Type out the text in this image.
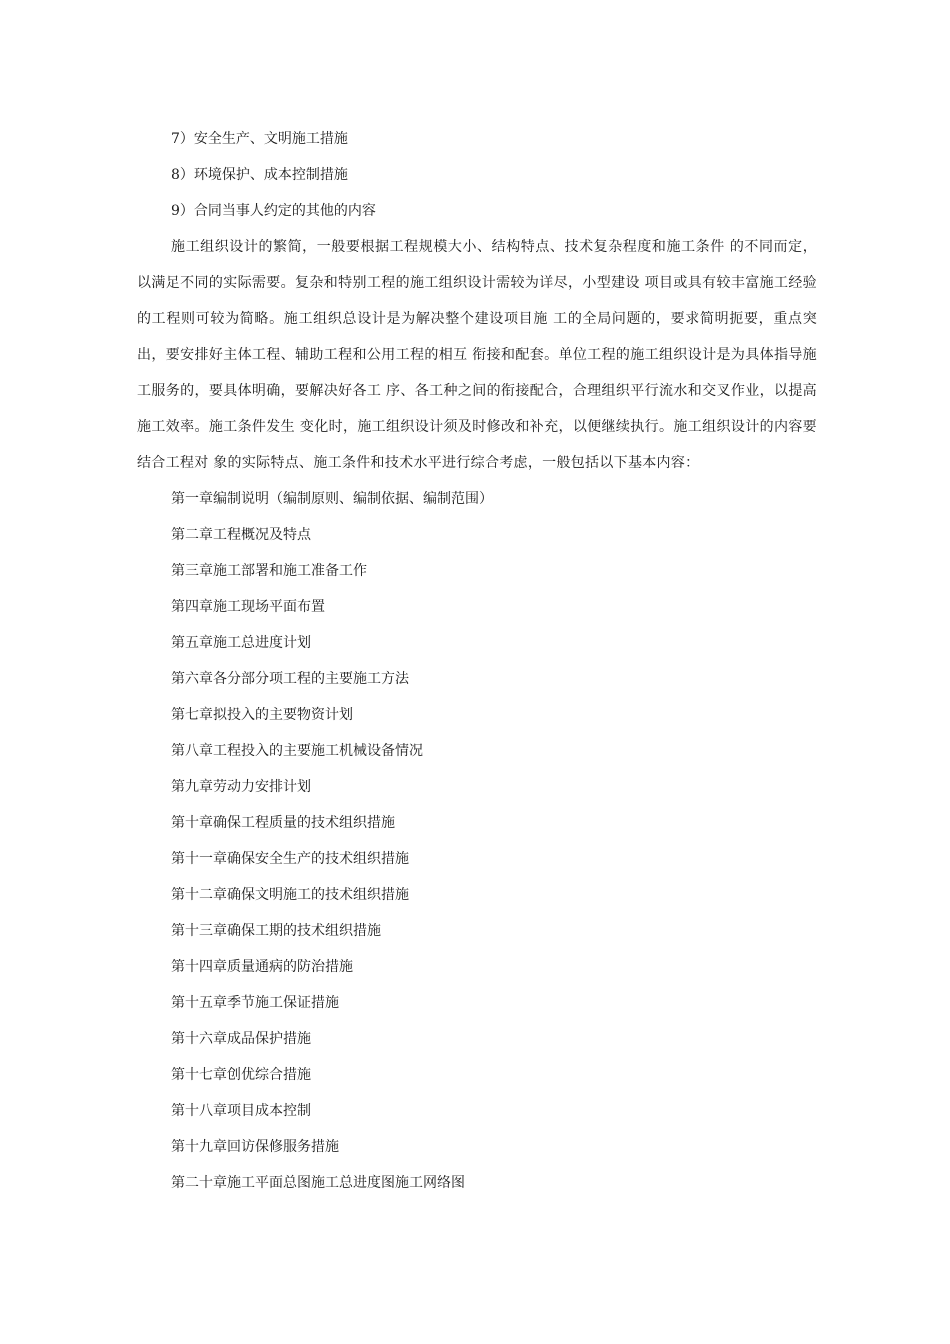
7）安全生产、文明施工措施

8）环境保护、成本控制措施

9）合同当事人约定的其他的内容

施工组织设计的繁简，一般要根据工程规模大小、结构特点、技术复杂程度和施工条件 的不同而定，以满足不同的实际需要。复杂和特别工程的施工组织设计需较为详尽，小型建设 项目或具有较丰富施工经验的工程则可较为简略。施工组织总设计是为解决整个建设项目施 工的全局问题的，要求简明扼要，重点突出，要安排好主体工程、辅助工程和公用工程的相互 衔接和配套。单位工程的施工组织设计是为具体指导施工服务的，要具体明确，要解决好各工 序、各工种之间的衔接配合，合理组织平行流水和交叉作业，以提高施工效率。施工条件发生 变化时，施工组织设计须及时修改和补充，以便继续执行。施工组织设计的内容要结合工程对 象的实际特点、施工条件和技术水平进行综合考虑，一般包括以下基本内容：

第一章编制说明（编制原则、编制依据、编制范围）
第二章工程概况及特点
第三章施工部署和施工准备工作
第四章施工现场平面布置
第五章施工总进度计划
第六章各分部分项工程的主要施工方法
第七章拟投入的主要物资计划
第八章工程投入的主要施工机械设备情况
第九章劳动力安排计划
第十章确保工程质量的技术组织措施
第十一章确保安全生产的技术组织措施
第十二章确保文明施工的技术组织措施
第十三章确保工期的技术组织措施
第十四章质量通病的防治措施
第十五章季节施工保证措施
第十六章成品保护措施
第十七章创优综合措施
第十八章项目成本控制
第十九章回访保修服务措施
第二十章施工平面总图施工总进度图施工网络图
